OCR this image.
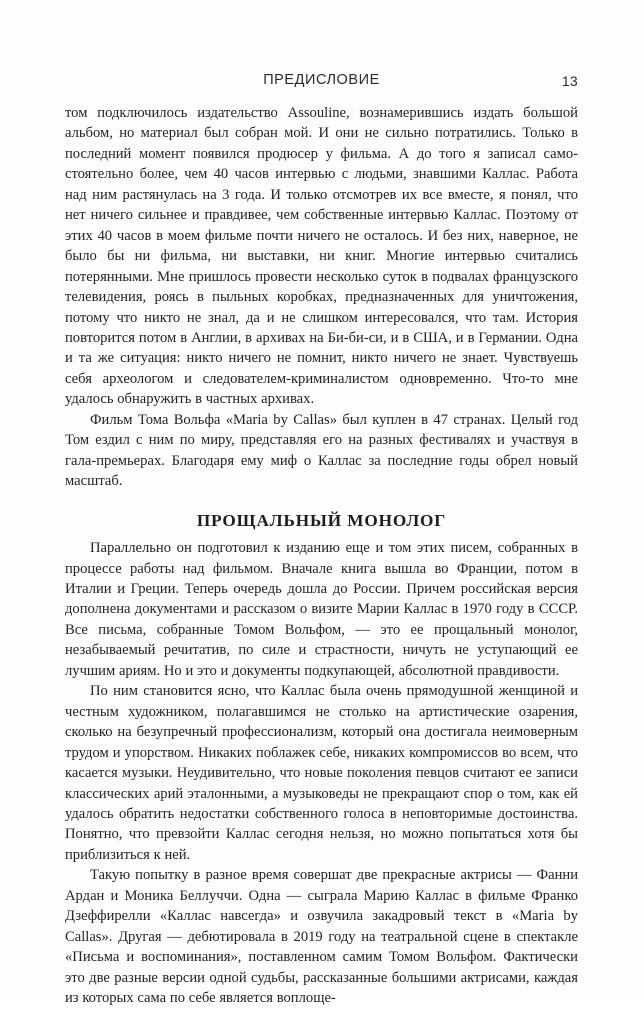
ПРЕДИСЛОВИЕ	13

том подключилось издательство Assouline, вознамерившись издать большой альбом, но материал был собран мой. И они не сильно потратились. Только в последний момент появился продюсер у фильма. А до того я записал самостоятельно более, чем 40 часов интервью с людьми, знавшими Каллас. Работа над ним растянулась на 3 года. И только отсмотрев их все вместе, я понял, что нет ничего сильнее и правдивее, чем собственные интервью Каллас. Поэтому от этих 40 часов в моем фильме почти ничего не осталось. И без них, наверное, не было бы ни фильма, ни выставки, ни книг. Многие интервью считались потерянными. Мне пришлось провести несколько суток в подвалах французского телевидения, роясь в пыльных коробках, предназначенных для уничтожения, потому что никто не знал, да и не слишком интересовался, что там. История повторится потом в Англии, в архивах на Би-би-си, и в США, и в Германии. Одна и та же ситуация: никто ничего не помнит, никто ничего не знает. Чувствуешь себя археологом и следователем-криминалистом одновременно. Что-то мне удалось обнаружить в частных архивах.

Фильм Тома Вольфа «Maria by Callas» был куплен в 47 странах. Целый год Том ездил с ним по миру, представляя его на разных фестивалях и участвуя в гала-премьерах. Благодаря ему миф о Каллас за последние годы обрел новый масштаб.

ПРОЩАЛЬНЫЙ МОНОЛОГ

Параллельно он подготовил к изданию еще и том этих писем, собранных в процессе работы над фильмом. Вначале книга вышла во Франции, потом в Италии и Греции. Теперь очередь дошла до России. Причем российская версия дополнена документами и рассказом о визите Марии Каллас в 1970 году в СССР. Все письма, собранные Томом Вольфом, — это ее прощальный монолог, незабываемый речитатив, по силе и страстности, ничуть не уступающий ее лучшим ариям. Но и это и документы подкупающей, абсолютной правдивости.

По ним становится ясно, что Каллас была очень прямодушной женщиной и честным художником, полагавшимся не столько на артистические озарения, сколько на безупречный профессионализм, который она достигала неимоверным трудом и упорством. Никаких поблажек себе, никаких компромиссов во всем, что касается музыки. Неудивительно, что новые поколения певцов считают ее записи классических арий эталонными, а музыковеды не прекращают спор о том, как ей удалось обратить недостатки собственного голоса в неповторимые достоинства. Понятно, что превзойти Каллас сегодня нельзя, но можно попытаться хотя бы приблизиться к ней.

Такую попытку в разное время совершат две прекрасные актрисы — Фанни Ардан и Моника Беллуччи. Одна — сыграла Марию Каллас в фильме Франко Дзеффирелли «Каллас навсегда» и озвучила закадровый текст в «Maria by Callas». Другая — дебютировала в 2019 году на театральной сцене в спектакле «Письма и воспоминания», поставленном самим Томом Вольфом. Фактически это две разные версии одной судьбы, рассказанные большими актрисами, каждая из которых сама по себе является воплоще-
